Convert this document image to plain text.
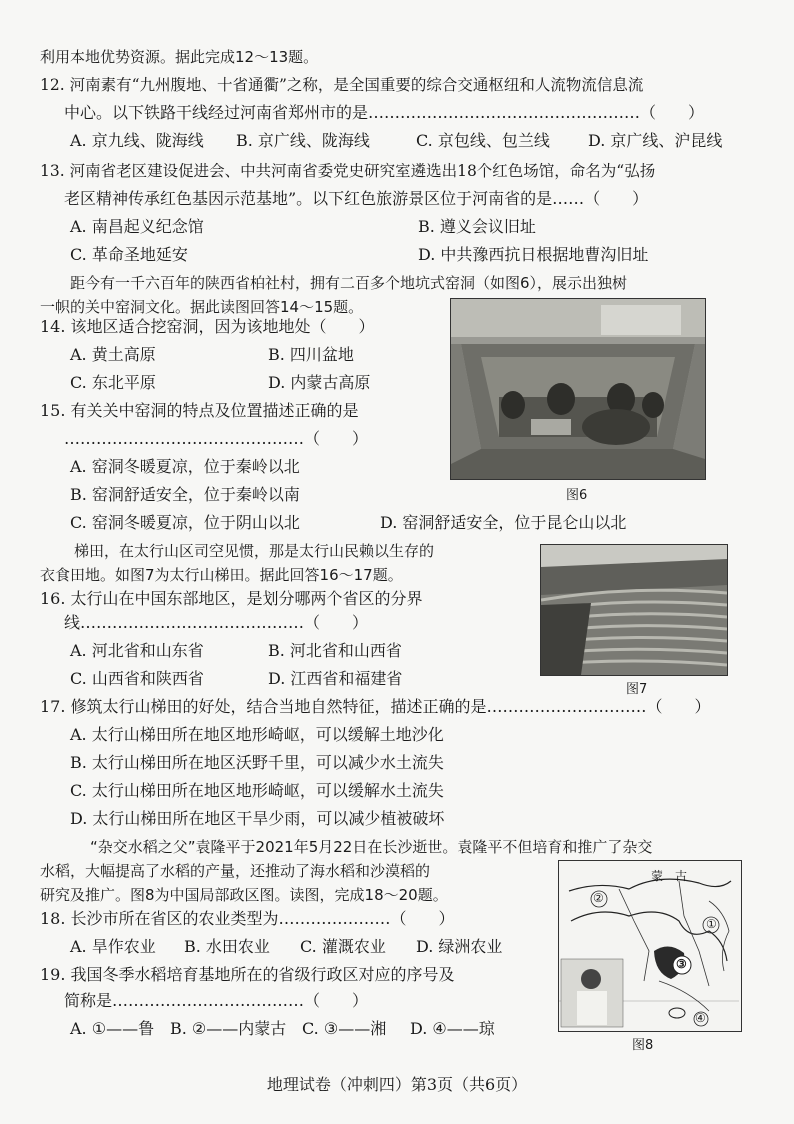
利用本地优势资源。据此完成12～13题。
12. 河南素有“九州腹地、十省通衢”之称，是全国重要的综合交通枢纽和人流物流信息流
中心。以下铁路干线经过河南省郑州市的是……………………………………………（　　）
A. 京九线、陇海线 B. 京广线、陇海线	C. 京包线、包兰线 D. 京广线、沪昆线
13. 河南省老区建设促进会、中共河南省委党史研究室遴选出18个红色场馆，命名为“弘扬
老区精神传承红色基因示范基地”。以下红色旅游景区位于河南省的是……（　　）
A. 南昌起义纪念馆	B. 遵义会议旧址
C. 革命圣地延安	D. 中共豫西抗日根据地曹沟旧址
距今有一千六百年的陕西省柏社村，拥有二百多个地坑式窑洞（如图6），展示出独树
一帜的关中窑洞文化。据此读图回答14～15题。
图6
14. 该地区适合挖窑洞，因为该地地处（　　）
A. 黄土高原	B. 四川盆地
C. 东北平原	D. 内蒙古高原
15. 有关关中窑洞的特点及位置描述正确的是
………………………………………（　　）
A. 窑洞冬暖夏凉，位于秦岭以北
B. 窑洞舒适安全，位于秦岭以南
C. 窑洞冬暖夏凉，位于阴山以北	D. 窑洞舒适安全，位于昆仑山以北
梯田，在太行山区司空见惯，那是太行山民赖以生存的
衣食田地。如图7为太行山梯田。据此回答16～17题。
图7
16. 太行山在中国东部地区，是划分哪两个省区的分界
线……………………………………（　　）
A. 河北省和山东省	B. 河北省和山西省
C. 山西省和陕西省	D. 江西省和福建省
17. 修筑太行山梯田的好处，结合当地自然特征，描述正确的是…………………………（　　）
A. 太行山梯田所在地区地形崎岖，可以缓解土地沙化
B. 太行山梯田所在地区沃野千里，可以减少水土流失
C. 太行山梯田所在地区地形崎岖，可以缓解水土流失
D. 太行山梯田所在地区干旱少雨，可以减少植被破坏
“杂交水稻之父”袁隆平于2021年5月22日在长沙逝世。袁隆平不但培育和推广了杂交
水稻，大幅提高了水稻的产量，还推动了海水稻和沙漠稻的
研究及推广。图8为中国局部政区图。读图，完成18～20题。
蒙　古
①
②
③
④
图8
18. 长沙市所在省区的农业类型为…………………（　　）
A. 旱作农业 B. 水田农业 C. 灌溉农业 D. 绿洲农业
19. 我国冬季水稻培育基地所在的省级行政区对应的序号及
简称是………………………………（　　）
A. ①——鲁 B. ②——内蒙古 C. ③——湘 D. ④——琼
地理试卷（冲刺四）第3页（共6页）
